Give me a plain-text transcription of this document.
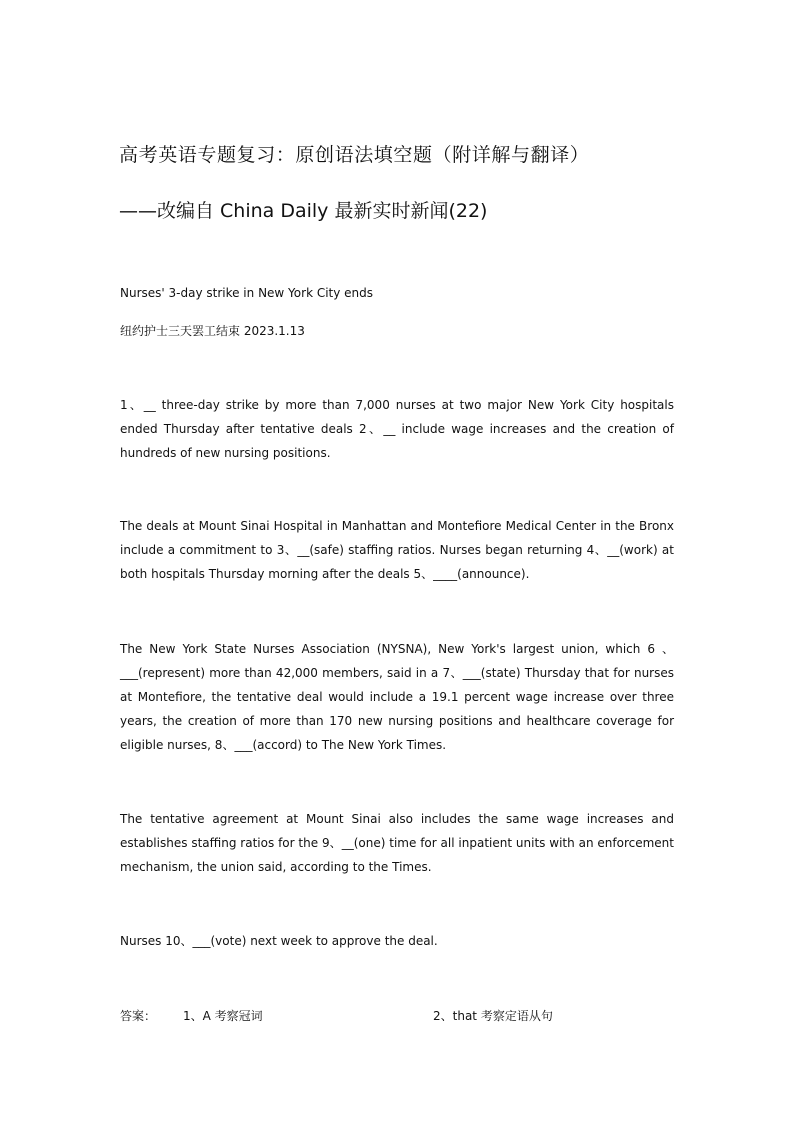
高考英语专题复习：原创语法填空题（附详解与翻译）
——改编自 China Daily 最新实时新闻(22)
Nurses' 3-day strike in New York City ends
纽约护士三天罢工结束 2023.1.13

1、__ three-day strike by more than 7,000 nurses at two major New York City hospitals ended Thursday after tentative deals 2、__ include wage increases and the creation of hundreds of new nursing positions.

The deals at Mount Sinai Hospital in Manhattan and Montefiore Medical Center in the Bronx include a commitment to 3、__(safe) staffing ratios. Nurses began returning 4、__(work) at both hospitals Thursday morning after the deals 5、____(announce).

The New York State Nurses Association (NYSNA), New York's largest union, which 6 、___(represent) more than 42,000 members, said in a 7、___(state) Thursday that for nurses at Montefiore, the tentative deal would include a 19.1 percent wage increase over three years, the creation of more than 170 new nursing positions and healthcare coverage for eligible nurses, 8、___(accord) to The New York Times.

The tentative agreement at Mount Sinai also includes the same wage increases and establishes staffing ratios for the 9、__(one) time for all inpatient units with an enforcement mechanism, the union said, according to the Times.

Nurses 10、___(vote) next week to approve the deal.

答案： 1、A 考察冠词	2、that 考察定语从句
